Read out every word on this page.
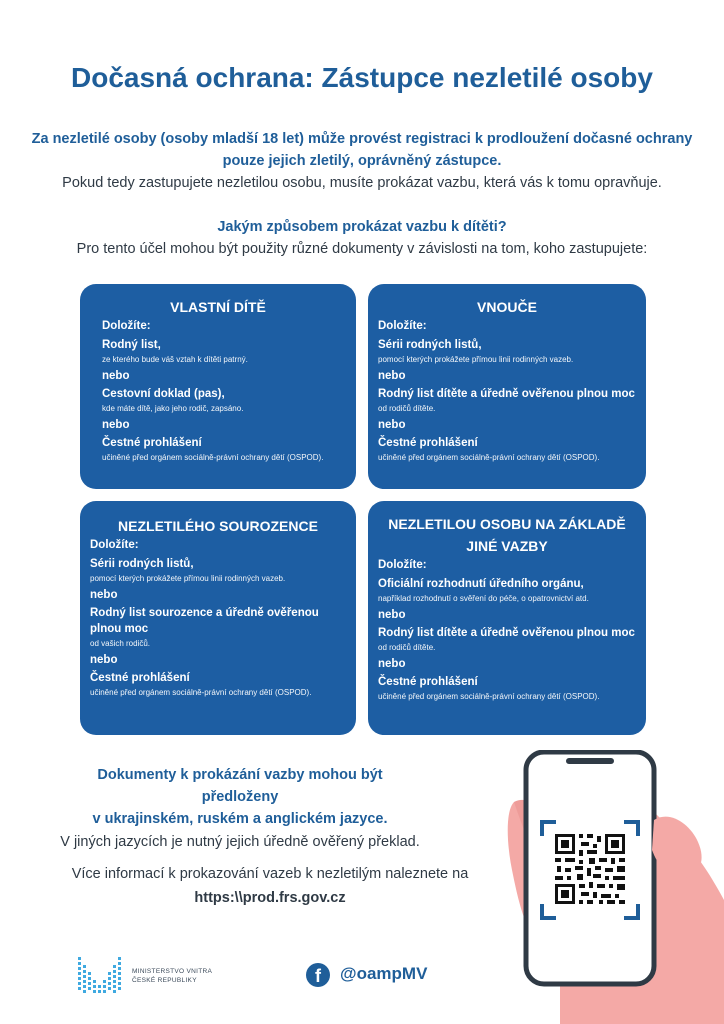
Dočasná ochrana: Zástupce nezletilé osoby
Za nezletilé osoby (osoby mladší 18 let) může provést registraci k prodloužení dočasné ochrany
pouze jejich zletilý, oprávněný zástupce.
Pokud tedy zastupujete nezletilou osobu, musíte prokázat vazbu, která vás k tomu opravňuje.
Jakým způsobem prokázat vazbu k dítěti?
Pro tento účel mohou být použity různé dokumenty v závislosti na tom, koho zastupujete:
VLASTNÍ DÍTĚ
Doložíte:
Rodný list,
ze kterého bude váš vztah k dítěti patrný.
nebo
Cestovní doklad (pas),
kde máte dítě, jako jeho rodič, zapsáno.
nebo
Čestné prohlášení
učiněné před orgánem sociálně-právní ochrany dětí (OSPOD).
VNOUČE
Doložíte:
Sérii rodných listů,
pomocí kterých prokážete přímou linii rodinných vazeb.
nebo
Rodný list dítěte a úředně ověřenou plnou moc
od rodičů dítěte.
nebo
Čestné prohlášení
učiněné před orgánem sociálně-právní ochrany dětí (OSPOD).
NEZLETILÉHO SOUROZENCE
Doložíte:
Sérii rodných listů,
pomocí kterých prokážete přímou linii rodinných vazeb.
nebo
Rodný list sourozence a úředně ověřenou plnou moc
od vašich rodičů.
nebo
Čestné prohlášení
učiněné před orgánem sociálně-právní ochrany dětí (OSPOD).
NEZLETILOU OSOBU NA ZÁKLADĚ JINÉ VAZBY
Doložíte:
Oficiální rozhodnutí úředního orgánu,
například rozhodnutí o svěření do péče, o opatrovnictví atd.
nebo
Rodný list dítěte a úředně ověřenou plnou moc
od rodičů dítěte.
nebo
Čestné prohlášení
učiněné před orgánem sociálně-právní ochrany dětí (OSPOD).
Dokumenty k prokázání vazby mohou být předloženy
v ukrajinském, ruském a anglickém jazyce.
V jiných jazycích je nutný jejich úředně ověřený překlad.
Více informací k prokazování vazeb k nezletilým naleznete na
https:\\prod.frs.gov.cz
MINISTERSTVO VNITRA
ČESKÉ REPUBLIKY	f	@oampMV
